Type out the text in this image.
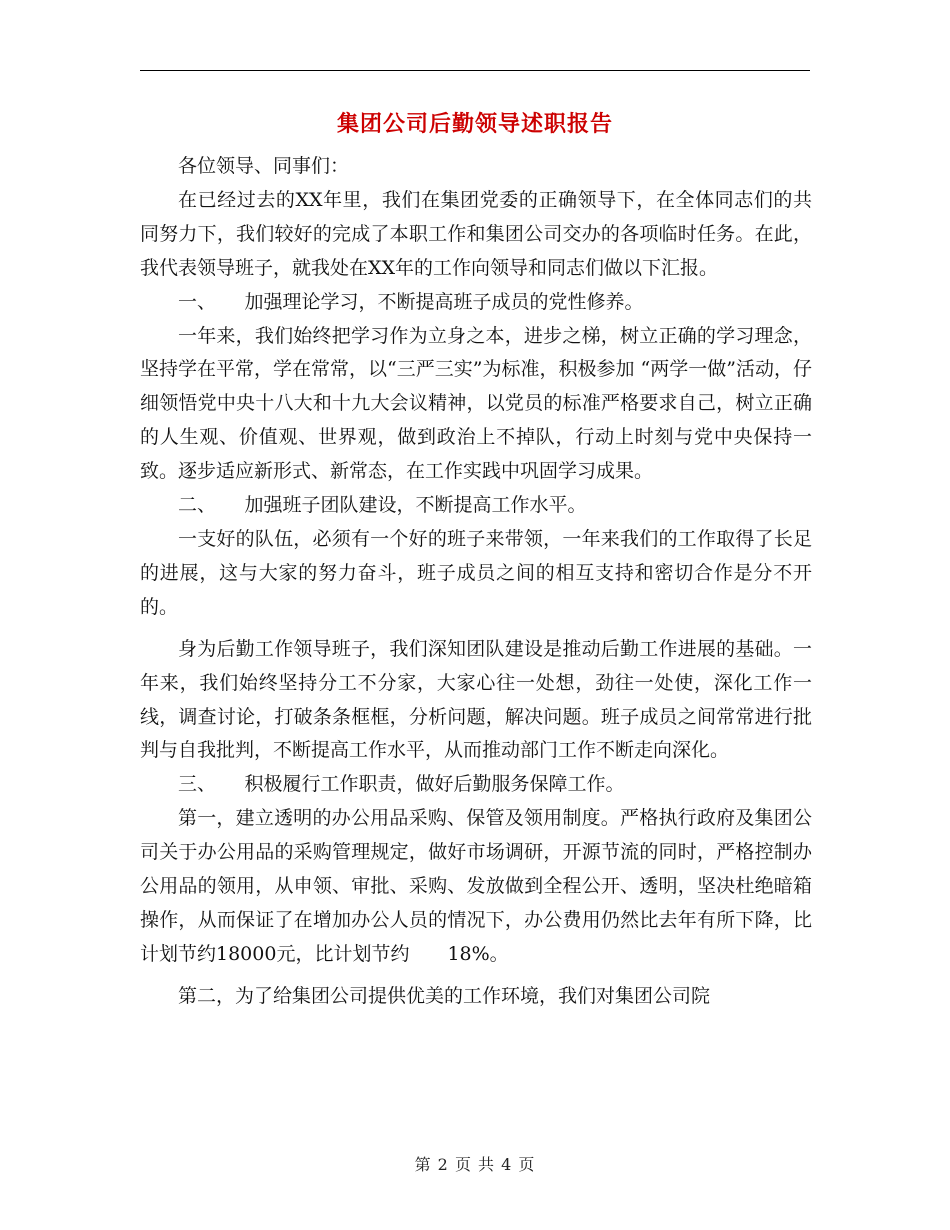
集团公司后勤领导述职报告

各位领导、同事们：

在已经过去的XX年里，我们在集团党委的正确领导下，在全体同志们的共同努力下，我们较好的完成了本职工作和集团公司交办的各项临时任务。在此，我代表领导班子，就我处在XX年的工作向领导和同志们做以下汇报。

一、　　加强理论学习，不断提高班子成员的党性修养。

一年来，我们始终把学习作为立身之本，进步之梯，树立正确的学习理念，坚持学在平常，学在常常，以“三严三实”为标准，积极参加 “两学一做”活动，仔细领悟党中央十八大和十九大会议精神，以党员的标准严格要求自己，树立正确的人生观、价值观、世界观，做到政治上不掉队，行动上时刻与党中央保持一致。逐步适应新形式、新常态，在工作实践中巩固学习成果。

二、　　加强班子团队建设，不断提高工作水平。

一支好的队伍，必须有一个好的班子来带领，一年来我们的工作取得了长足的进展，这与大家的努力奋斗，班子成员之间的相互支持和密切合作是分不开的。

身为后勤工作领导班子，我们深知团队建设是推动后勤工作进展的基础。一年来，我们始终坚持分工不分家，大家心往一处想，劲往一处使，深化工作一线，调查讨论，打破条条框框，分析问题，解决问题。班子成员之间常常进行批判与自我批判，不断提高工作水平，从而推动部门工作不断走向深化。

三、　　积极履行工作职责，做好后勤服务保障工作。

第一，建立透明的办公用品采购、保管及领用制度。严格执行政府及集团公司关于办公用品的采购管理规定，做好市场调研，开源节流的同时，严格控制办公用品的领用，从申领、审批、采购、发放做到全程公开、透明，坚决杜绝暗箱操作，从而保证了在增加办公人员的情况下，办公费用仍然比去年有所下降，比计划节约18000元，比计划节约　　18%。

第二，为了给集团公司提供优美的工作环境，我们对集团公司院

第 2 页 共 4 页
